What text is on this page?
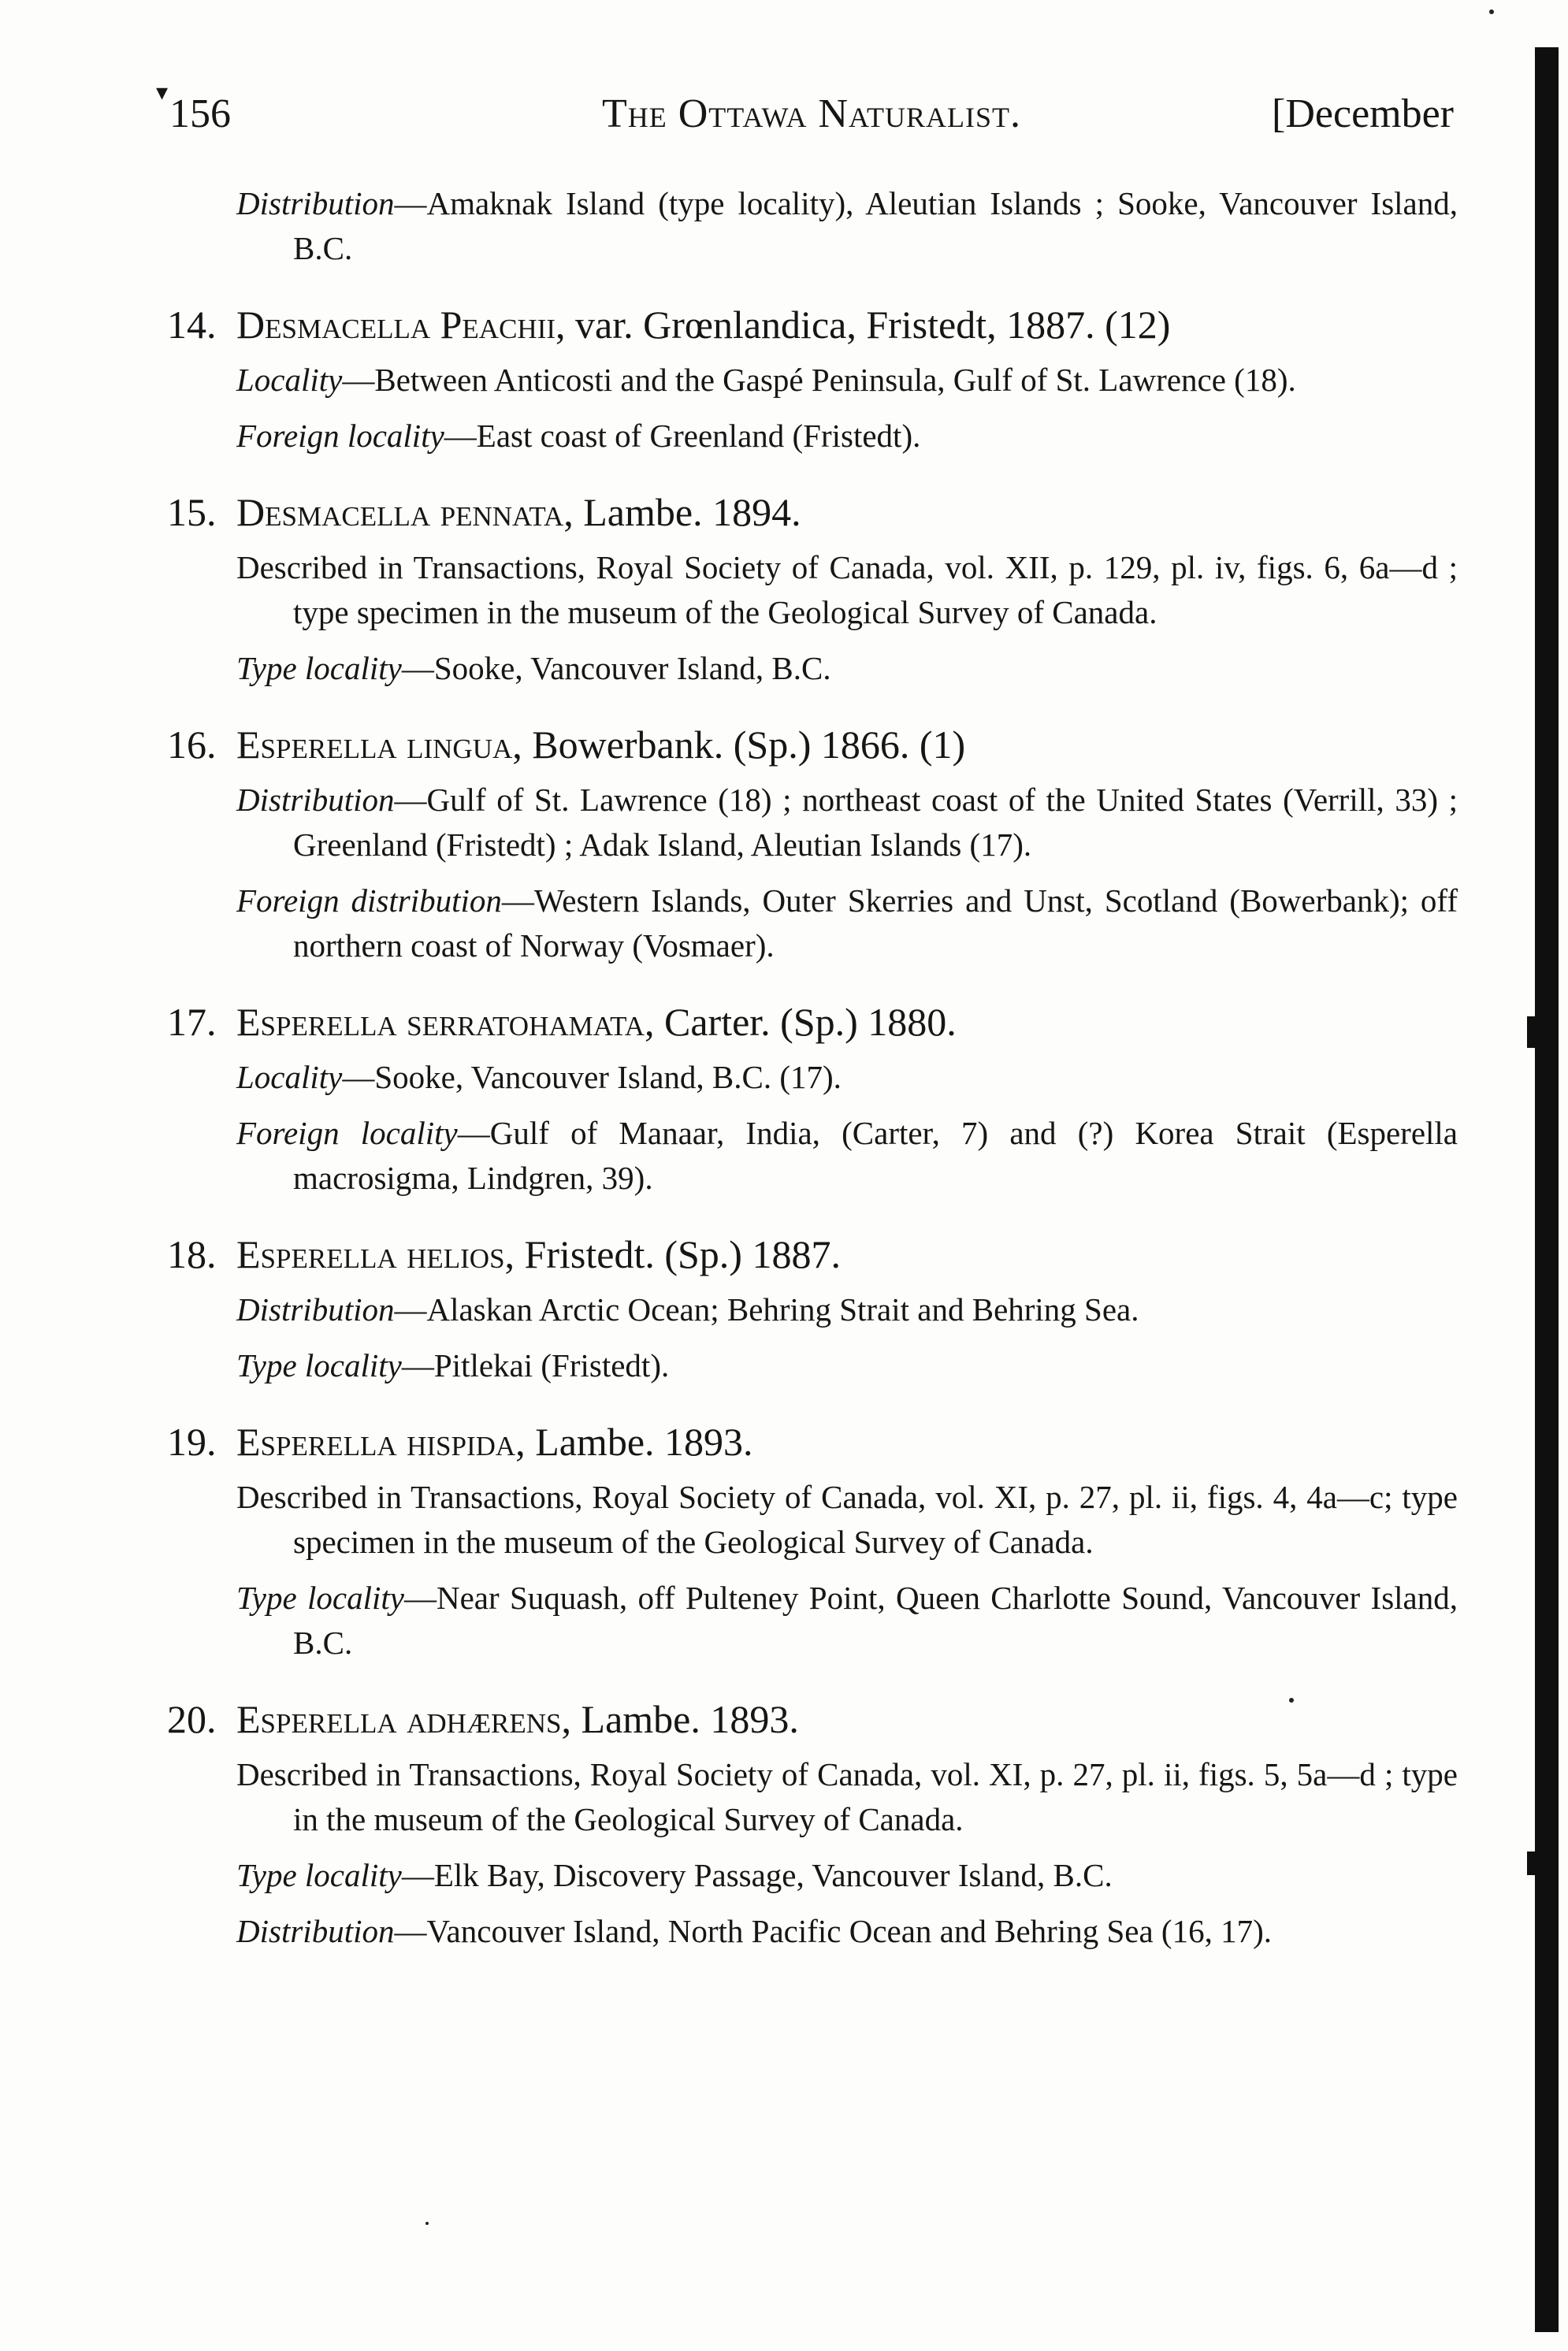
▾ 156	The Ottawa Naturalist.	[December

Distribution—Amaknak Island (type locality), Aleutian Islands ; Sooke, Vancouver Island, B.C.

14. Desmacella Peachii, var. Grœnlandica, Fristedt, 1887. (12)

Locality—Between Anticosti and the Gaspé Peninsula, Gulf of St. Lawrence (18).

Foreign locality—East coast of Greenland (Fristedt).

15. Desmacella pennata, Lambe. 1894.

Described in Transactions, Royal Society of Canada, vol. XII, p. 129, pl. iv, figs. 6, 6a—d ; type specimen in the museum of the Geological Survey of Canada.

Type locality—Sooke, Vancouver Island, B.C.

16. Esperella lingua, Bowerbank. (Sp.) 1866. (1)

Distribution—Gulf of St. Lawrence (18) ; northeast coast of the United States (Verrill, 33) ; Greenland (Fristedt) ; Adak Island, Aleutian Islands (17).

Foreign distribution—Western Islands, Outer Skerries and Unst, Scotland (Bowerbank); off northern coast of Norway (Vosmaer).

17. Esperella serratohamata, Carter. (Sp.) 1880.

Locality—Sooke, Vancouver Island, B.C. (17).

Foreign locality—Gulf of Manaar, India, (Carter, 7) and (?) Korea Strait (Esperella macrosigma, Lindgren, 39).

18. Esperella helios, Fristedt. (Sp.) 1887.

Distribution—Alaskan Arctic Ocean; Behring Strait and Behring Sea.

Type locality—Pitlekai (Fristedt).

19. Esperella hispida, Lambe. 1893.

Described in Transactions, Royal Society of Canada, vol. XI, p. 27, pl. ii, figs. 4, 4a—c; type specimen in the museum of the Geological Survey of Canada.

Type locality—Near Suquash, off Pulteney Point, Queen Charlotte Sound, Vancouver Island, B.C.

20. Esperella adhærens, Lambe. 1893.

Described in Transactions, Royal Society of Canada, vol. XI, p. 27, pl. ii, figs. 5, 5a—d ; type in the museum of the Geological Survey of Canada.

Type locality—Elk Bay, Discovery Passage, Vancouver Island, B.C.

Distribution—Vancouver Island, North Pacific Ocean and Behring Sea (16, 17).
